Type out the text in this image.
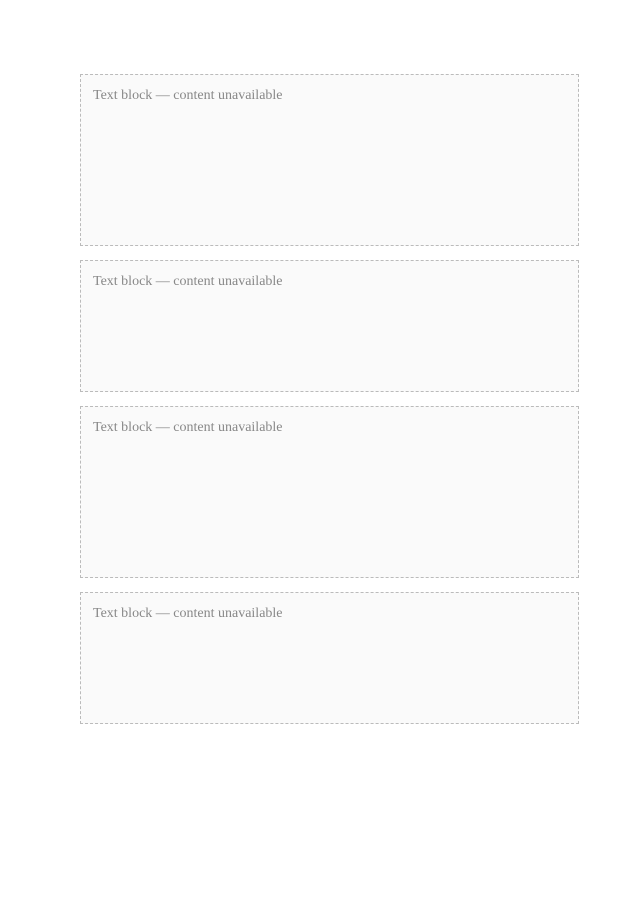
Text block — content unavailable

Text block — content unavailable

Text block — content unavailable

Text block — content unavailable
